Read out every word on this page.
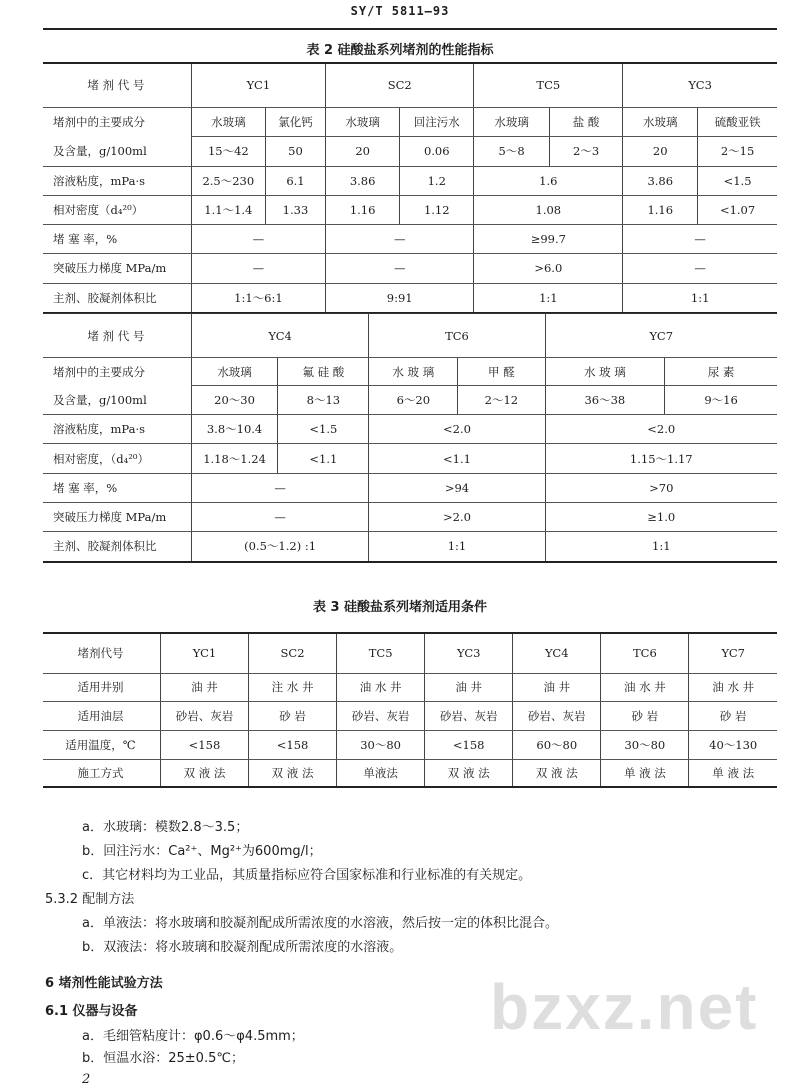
SY/T 5811—93
表 2 硅酸盐系列堵剂的性能指标
堵 剂 代 号	YC1		SC2		TC5		YC3	
堵剂中的主要成分	水玻璃	氯化钙	水玻璃	回注污水	水玻璃	盐 酸	水玻璃	硫酸亚铁
及含量，g/100ml	15～42	50	20	0.06	5～8	2～3	20	2～15
溶液粘度，mPa·s	2.5～230	6.1	3.86	1.2	1.6		3.86	<1.5
相对密度（d₄²⁰）	1.1～1.4	1.33	1.16	1.12	1.08		1.16	<1.07
堵 塞 率，%	—		—		≥99.7		—	
突破压力梯度 MPa/m	—		—		>6.0		—	
主剂、胶凝剂体积比	1:1～6:1		9:91		1:1		1:1	
堵 剂 代 号	YC4		TC6		YC7	
堵剂中的主要成分	水玻璃	氟 硅 酸	水 玻 璃	甲 醛	水 玻 璃	尿 素
及含量，g/100ml	20～30	8～13	6～20	2～12	36～38	9～16
溶液粘度，mPa·s	3.8～10.4	<1.5	<2.0		<2.0	
相对密度，（d₄²⁰）	1.18～1.24	<1.1	<1.1		1.15～1.17	
堵 塞 率，%	—		>94		>70	
突破压力梯度 MPa/m	—		>2.0		≥1.0	
主剂、胶凝剂体积比	(0.5～1.2) :1		1:1		1:1	
表 3 硅酸盐系列堵剂适用条件
堵剂代号	YC1	SC2	TC5	YC3	YC4	TC6	YC7
适用井别	油 井	注 水 井	油 水 井	油 井	油 井	油 水 井	油 水 井
适用油层	砂岩、灰岩	砂 岩	砂岩、灰岩	砂岩、灰岩	砂岩、灰岩	砂 岩	砂 岩
适用温度，℃	<158	<158	30～80	<158	60～80	30～80	40～130
施工方式	双 液 法	双 液 法	单液法	双 液 法	双 液 法	单 液 法	单 液 法
a．水玻璃：模数2.8～3.5；
b．回注污水：Ca²⁺、Mg²⁺为600mg/l；
c．其它材料均为工业品，其质量指标应符合国家标准和行业标准的有关规定。
5.3.2 配制方法
a．单液法：将水玻璃和胶凝剂配成所需浓度的水溶液，然后按一定的体积比混合。
b．双液法：将水玻璃和胶凝剂配成所需浓度的水溶液。
6 堵剂性能试验方法
6.1 仪器与设备
a．毛细管粘度计：φ0.6～φ4.5mm；
b．恒温水浴：25±0.5℃；
2
bzxz.net
